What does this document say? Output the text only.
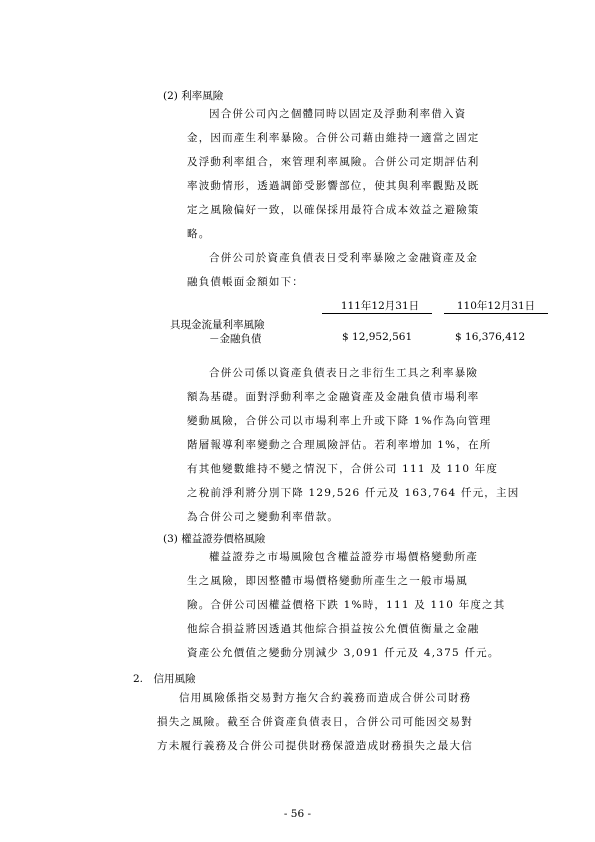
(2) 利率風險
因合併公司內之個體同時以固定及浮動利率借入資
金，因而產生利率暴險。合併公司藉由維持一適當之固定
及浮動利率組合，來管理利率風險。合併公司定期評估利
率波動情形，透過調節受影響部位，使其與利率觀點及既
定之風險偏好一致，以確保採用最符合成本效益之避險策
略。
合併公司於資產負債表日受利率暴險之金融資產及金
融負債帳面金額如下：
111年12月31日	110年12月31日
具現金流量利率風險
－金融負債	$ 12,952,561	$ 16,376,412
合併公司係以資產負債表日之非衍生工具之利率暴險
額為基礎。面對浮動利率之金融資產及金融負債市場利率
變動風險，合併公司以市場利率上升或下降 1%作為向管理
階層報導利率變動之合理風險評估。若利率增加 1%，在所
有其他變數維持不變之情況下，合併公司 111 及 110 年度
之稅前淨利將分別下降 129,526 仟元及 163,764 仟元，主因
為合併公司之變動利率借款。
(3) 權益證券價格風險
權益證券之市場風險包含權益證券市場價格變動所產
生之風險，即因整體市場價格變動所產生之一般市場風
險。合併公司因權益價格下跌 1%時，111 及 110 年度之其
他綜合損益將因透過其他綜合損益按公允價值衡量之金融
資產公允價值之變動分別減少 3,091 仟元及 4,375 仟元。
2.　信用風險
信用風險係指交易對方拖欠合約義務而造成合併公司財務
損失之風險。截至合併資產負債表日，合併公司可能因交易對
方未履行義務及合併公司提供財務保證造成財務損失之最大信
- 56 -
